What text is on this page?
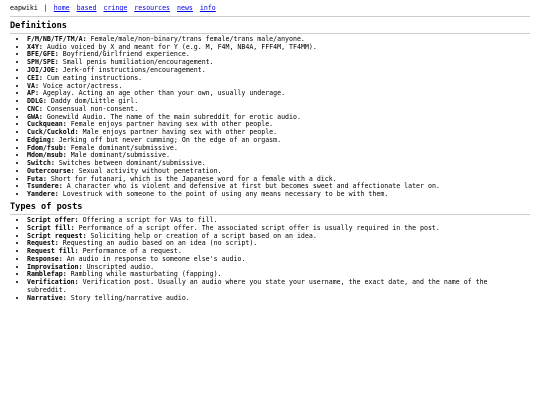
eapwiki | home based cringe resources news info
Definitions
• F/M/NB/TF/TM/A: Female/male/non-binary/trans female/trans male/anyone.
• X4Y: Audio voiced by X and meant for Y (e.g. M, F4M, NB4A, FFF4M, TF4MM).
• BFE/GFE: Boyfriend/Girlfriend experience.
• SPH/SPE: Small penis humiliation/encouragement.
• JOI/JOE: Jerk-off instructions/encouragement.
• CEI: Cum eating instructions.
• VA: Voice actor/actress.
• AP: Ageplay. Acting an age other than your own, usually underage.
• DDLG: Daddy dom/Little girl.
• CNC: Consensual non-consent.
• GWA: Gonewild Audio. The name of the main subreddit for erotic audio.
• Cuckquean: Female enjoys partner having sex with other people.
• Cuck/Cuckold: Male enjoys partner having sex with other people.
• Edging: Jerking off but never cumming; On the edge of an orgasm.
• Fdom/fsub: Female dominant/submissive.
• Mdom/msub: Male dominant/submissive.
• Switch: Switches between dominant/submissive.
• Outercourse: Sexual activity without penetration.
• Futa: Short for futanari, which is the Japanese word for a female with a dick.
• Tsundere: A character who is violent and defensive at first but becomes sweet and affectionate later on.
• Yandere: Lovestruck with someone to the point of using any means necessary to be with them.
Types of posts
• Script offer: Offering a script for VAs to fill.
• Script fill: Performance of a script offer. The associated script offer is usually required in the post.
• Script request: Soliciting help or creation of a script based on an idea.
• Request: Requesting an audio based on an idea (no script).
• Request fill: Performance of a request.
• Response: An audio in response to someone else's audio.
• Improvisation: Unscripted audio.
• Ramblefap: Rambling while masturbating (fapping).
• Verification: Verification post. Usually an audio where you state your username, the exact date, and the name of the subreddit.
• Narrative: Story telling/narrative audio.
